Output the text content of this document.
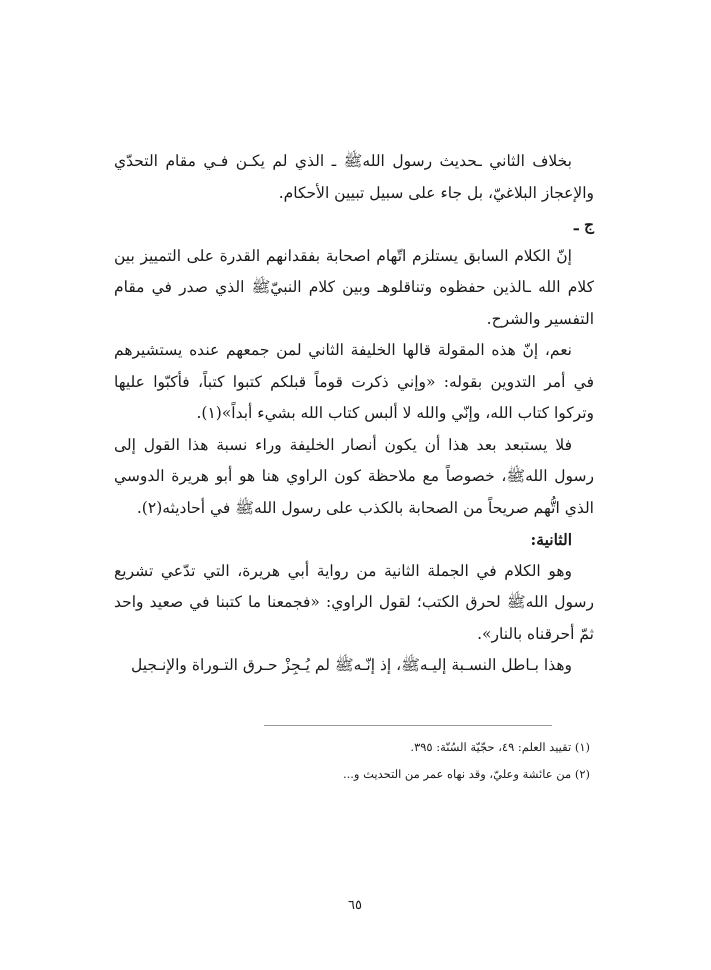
بخلاف الثاني ـحديث رسول اللهﷺ ـ الذي لم يكـن فـي مقام التحدّي والإعجاز البلاغيّ، بل جاء على سبيل تبيين الأحكام.

ج ـ

إنّ الكلام السابق يستلزم اتّهام اصحابة بفقدانهم القدرة على التمييز بين كلام الله ـالذين حفظوه وتناقلوهـ وبين كلام النبيّﷺ الذي صدر في مقام التفسير والشرح.

نعم، إنّ هذه المقولة قالها الخليفة الثاني لمن جمعهم عنده يستشيرهم في أمر التدوين بقوله: «وإني ذكرت قوماً قبلكم كتبوا كتباً، فأكبّوا عليها وتركوا كتاب الله، وإنّي والله لا ألبس كتاب الله بشيء أبداً»(١).

فلا يستبعد بعد هذا أن يكون أنصار الخليفة وراء نسبة هذا القول إلى رسول اللهﷺ، خصوصاً مع ملاحظة كون الراوي هنا هو أبو هريرة الدوسي الذي اتُّهم صريحاً من الصحابة بالكذب على رسول اللهﷺ في أحاديثه(٢).

الثانية:

وهو الكلام في الجملة الثانية من رواية أبي هريرة، التي تدّعي تشريع رسول اللهﷺ لحرق الكتب؛ لقول الراوي: «فجمعنا ما كتبنا في صعيد واحد ثمّ أحرقناه بالنار».

وهذا بـاطل النسـبة إليـهﷺ، إذ إنّـهﷺ لم يُـجِزْ حـرق التـوراة والإنـجيل

(١) تقييد العلم: ٤٩، حجّيّة السُنّة: ٣٩٥.

(٢) من عائشة وعليّ، وقد نهاه عمر من التحديث و...

٦٥
